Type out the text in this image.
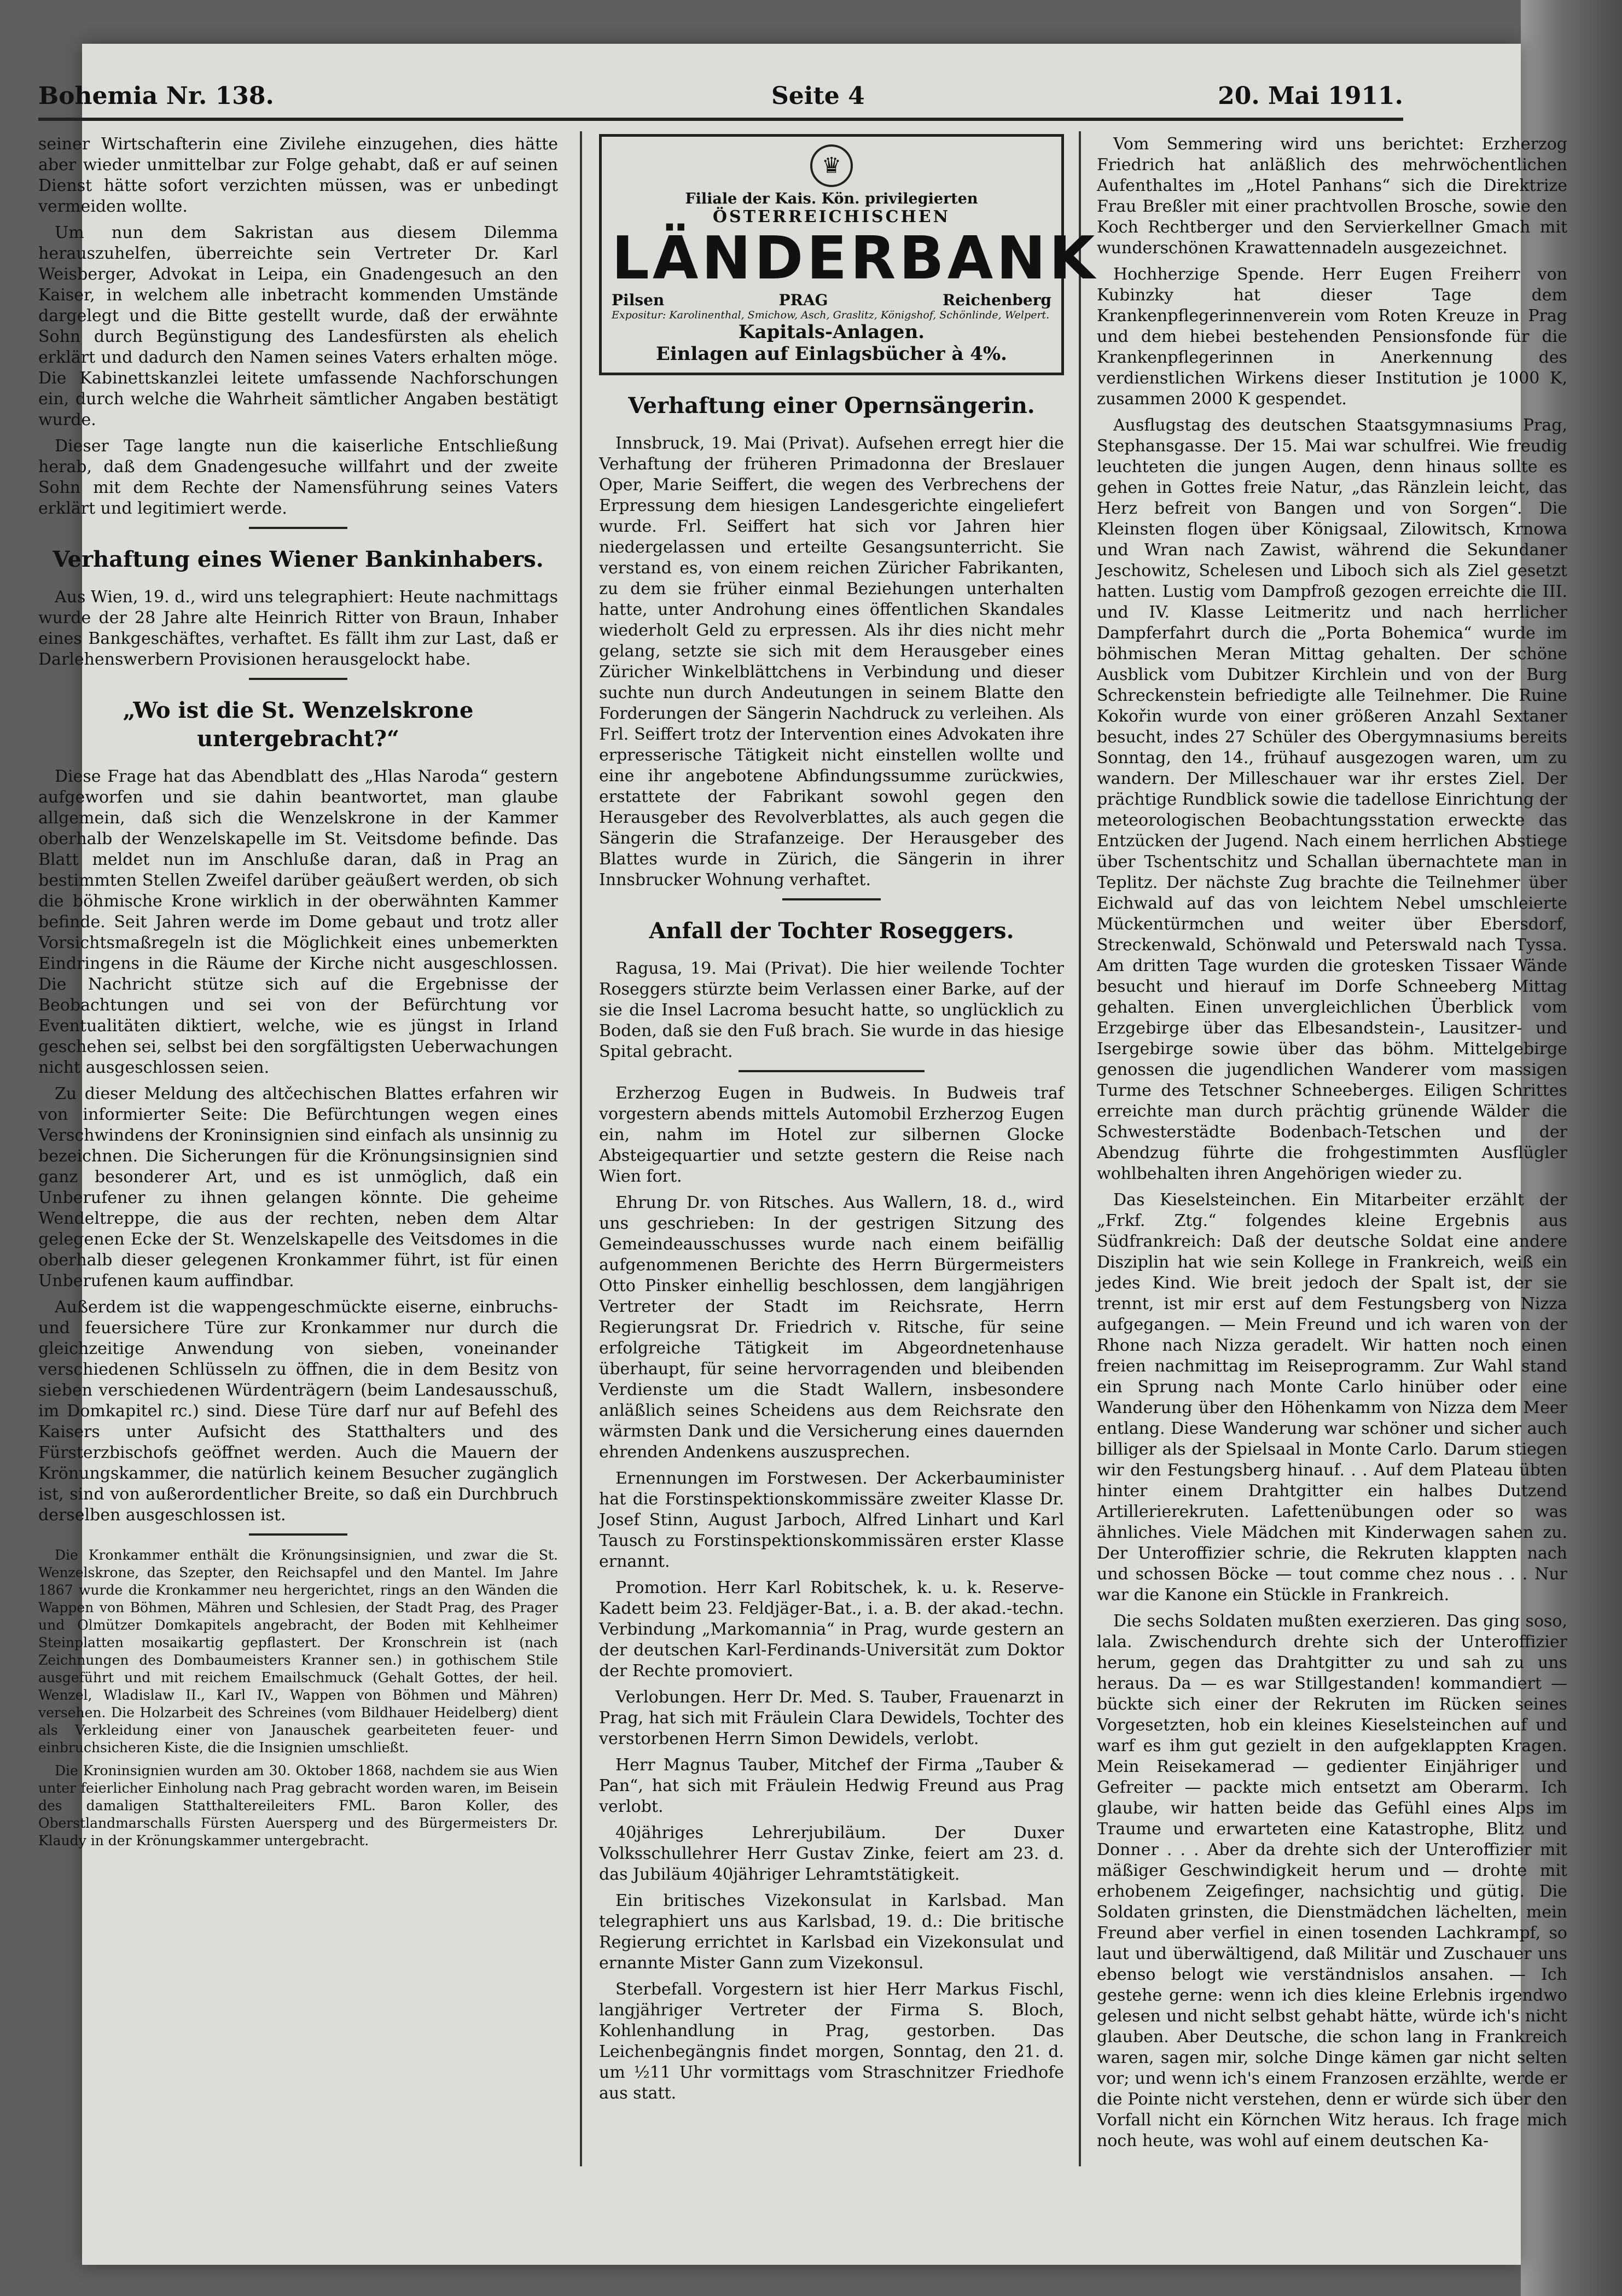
Bohemia Nr. 138.	Seite 4	20. Mai 1911.

seiner Wirtschafterin eine Zivilehe einzugehen, dies hätte aber wieder unmittelbar zur Folge gehabt, daß er auf seinen Dienst hätte sofort verzichten müssen, was er unbedingt vermeiden wollte.

Um nun dem Sakristan aus diesem Dilemma herauszuhelfen, überreichte sein Vertreter Dr. Karl Weisberger, Advokat in Leipa, ein Gnadengesuch an den Kaiser, in welchem alle inbetracht kommenden Umstände dargelegt und die Bitte gestellt wurde, daß der erwähnte Sohn durch Begünstigung des Landesfürsten als ehelich erklärt und dadurch den Namen seines Vaters erhalten möge. Die Kabinettskanzlei leitete umfassende Nachforschungen ein, durch welche die Wahrheit sämtlicher Angaben bestätigt wurde.

Dieser Tage langte nun die kaiserliche Entschließung herab, daß dem Gnadengesuche willfahrt und der zweite Sohn mit dem Rechte der Namensführung seines Vaters erklärt und legitimiert werde.

Verhaftung eines Wiener Bankinhabers.

Aus Wien, 19. d., wird uns telegraphiert: Heute nachmittags wurde der 28 Jahre alte Heinrich Ritter von Braun, Inhaber eines Bankgeschäftes, verhaftet. Es fällt ihm zur Last, daß er Darlehenswerbern Provisionen herausgelockt habe.

„Wo ist die St. Wenzelskrone untergebracht?“

Diese Frage hat das Abendblatt des „Hlas Naroda“ gestern aufgeworfen und sie dahin beantwortet, man glaube allgemein, daß sich die Wenzelskrone in der Kammer oberhalb der Wenzelskapelle im St. Veitsdome befinde. Das Blatt meldet nun im Anschluße daran, daß in Prag an bestimmten Stellen Zweifel darüber geäußert werden, ob sich die böhmische Krone wirklich in der oberwähnten Kammer befinde. Seit Jahren werde im Dome gebaut und trotz aller Vorsichtsmaßregeln ist die Möglichkeit eines unbemerkten Eindringens in die Räume der Kirche nicht ausgeschlossen. Die Nachricht stütze sich auf die Ergebnisse der Beobachtungen und sei von der Befürchtung vor Eventualitäten diktiert, welche, wie es jüngst in Irland geschehen sei, selbst bei den sorgfältigsten Ueberwachungen nicht ausgeschlossen seien.

Zu dieser Meldung des altčechischen Blattes erfahren wir von informierter Seite: Die Befürchtungen wegen eines Verschwindens der Kroninsignien sind einfach als unsinnig zu bezeichnen. Die Sicherungen für die Krönungsinsignien sind ganz besonderer Art, und es ist unmöglich, daß ein Unberufener zu ihnen gelangen könnte. Die geheime Wendeltreppe, die aus der rechten, neben dem Altar gelegenen Ecke der St. Wenzelskapelle des Veitsdomes in die oberhalb dieser gelegenen Kronkammer führt, ist für einen Unberufenen kaum auffindbar.

Außerdem ist die wappengeschmückte eiserne, einbruchs- und feuersichere Türe zur Kronkammer nur durch die gleichzeitige Anwendung von sieben, voneinander verschiedenen Schlüsseln zu öffnen, die in dem Besitz von sieben verschiedenen Würdenträgern (beim Landesausschuß, im Domkapitel rc.) sind. Diese Türe darf nur auf Befehl des Kaisers unter Aufsicht des Statthalters und des Fürsterzbischofs geöffnet werden. Auch die Mauern der Krönungskammer, die natürlich keinem Besucher zugänglich ist, sind von außerordentlicher Breite, so daß ein Durchbruch derselben ausgeschlossen ist.

Die Kronkammer enthält die Krönungsinsignien, und zwar die St. Wenzelskrone, das Szepter, den Reichsapfel und den Mantel. Im Jahre 1867 wurde die Kronkammer neu hergerichtet, rings an den Wänden die Wappen von Böhmen, Mähren und Schlesien, der Stadt Prag, des Prager und Olmützer Domkapitels angebracht, der Boden mit Kehlheimer Steinplatten mosaikartig gepflastert. Der Kronschrein ist (nach Zeichnungen des Dombaumeisters Kranner sen.) in gothischem Stile ausgeführt und mit reichem Emailschmuck (Gehalt Gottes, der heil. Wenzel, Wladislaw II., Karl IV., Wappen von Böhmen und Mähren) versehen. Die Holzarbeit des Schreines (vom Bildhauer Heidelberg) dient als Verkleidung einer von Janauschek gearbeiteten feuer- und einbruchsicheren Kiste, die die Insignien umschließt.

Die Kroninsignien wurden am 30. Oktober 1868, nachdem sie aus Wien unter feierlicher Einholung nach Prag gebracht worden waren, im Beisein des damaligen Statthaltereileiters FML. Baron Koller, des Oberstlandmarschalls Fürsten Auersperg und des Bürgermeisters Dr. Klaudy in der Krönungskammer untergebracht.

♛
Filiale der Kais. Kön. privilegierten
ÖSTERREICHISCHEN
LÄNDERBANK
Pilsen	PRAG	Reichenberg
Expositur: Karolinenthal, Smichow, Asch, Graslitz, Königshof, Schönlinde, Welpert.
Kapitals-Anlagen.
Einlagen auf Einlagsbücher à 4%.
Verhaftung einer Opernsängerin.

Innsbruck, 19. Mai (Privat). Aufsehen erregt hier die Verhaftung der früheren Primadonna der Breslauer Oper, Marie Seiffert, die wegen des Verbrechens der Erpressung dem hiesigen Landesgerichte eingeliefert wurde. Frl. Seiffert hat sich vor Jahren hier niedergelassen und erteilte Gesangsunterricht. Sie verstand es, von einem reichen Züricher Fabrikanten, zu dem sie früher einmal Beziehungen unterhalten hatte, unter Androhung eines öffentlichen Skandales wiederholt Geld zu erpressen. Als ihr dies nicht mehr gelang, setzte sie sich mit dem Herausgeber eines Züricher Winkelblättchens in Verbindung und dieser suchte nun durch Andeutungen in seinem Blatte den Forderungen der Sängerin Nachdruck zu verleihen. Als Frl. Seiffert trotz der Intervention eines Advokaten ihre erpresserische Tätigkeit nicht einstellen wollte und eine ihr angebotene Abfindungssumme zurückwies, erstattete der Fabrikant sowohl gegen den Herausgeber des Revolverblattes, als auch gegen die Sängerin die Strafanzeige. Der Herausgeber des Blattes wurde in Zürich, die Sängerin in ihrer Innsbrucker Wohnung verhaftet.

Anfall der Tochter Roseggers.

Ragusa, 19. Mai (Privat). Die hier weilende Tochter Roseggers stürzte beim Verlassen einer Barke, auf der sie die Insel Lacroma besucht hatte, so unglücklich zu Boden, daß sie den Fuß brach. Sie wurde in das hiesige Spital gebracht.

Erzherzog Eugen in Budweis. In Budweis traf vorgestern abends mittels Automobil Erzherzog Eugen ein, nahm im Hotel zur silbernen Glocke Absteigequartier und setzte gestern die Reise nach Wien fort.

Ehrung Dr. von Ritsches. Aus Wallern, 18. d., wird uns geschrieben: In der gestrigen Sitzung des Gemeindeausschusses wurde nach einem beifällig aufgenommenen Berichte des Herrn Bürgermeisters Otto Pinsker einhellig beschlossen, dem langjährigen Vertreter der Stadt im Reichsrate, Herrn Regierungsrat Dr. Friedrich v. Ritsche, für seine erfolgreiche Tätigkeit im Abgeordnetenhause überhaupt, für seine hervorragenden und bleibenden Verdienste um die Stadt Wallern, insbesondere anläßlich seines Scheidens aus dem Reichsrate den wärmsten Dank und die Versicherung eines dauernden ehrenden Andenkens auszusprechen.

Ernennungen im Forstwesen. Der Ackerbauminister hat die Forstinspektionskommissäre zweiter Klasse Dr. Josef Stinn, August Jarboch, Alfred Linhart und Karl Tausch zu Forstinspektionskommissären erster Klasse ernannt.

Promotion. Herr Karl Robitschek, k. u. k. Reserve-Kadett beim 23. Feldjäger-Bat., i. a. B. der akad.-techn. Verbindung „Markomannia“ in Prag, wurde gestern an der deutschen Karl-Ferdinands-Universität zum Doktor der Rechte promoviert.

Verlobungen. Herr Dr. Med. S. Tauber, Frauenarzt in Prag, hat sich mit Fräulein Clara Dewidels, Tochter des verstorbenen Herrn Simon Dewidels, verlobt.

Herr Magnus Tauber, Mitchef der Firma „Tauber & Pan“, hat sich mit Fräulein Hedwig Freund aus Prag verlobt.

40jähriges Lehrerjubiläum. Der Duxer Volksschullehrer Herr Gustav Zinke, feiert am 23. d. das Jubiläum 40jähriger Lehramtstätigkeit.

Ein britisches Vizekonsulat in Karlsbad. Man telegraphiert uns aus Karlsbad, 19. d.: Die britische Regierung errichtet in Karlsbad ein Vizekonsulat und ernannte Mister Gann zum Vizekonsul.

Sterbefall. Vorgestern ist hier Herr Markus Fischl, langjähriger Vertreter der Firma S. Bloch, Kohlenhandlung in Prag, gestorben. Das Leichenbegängnis findet morgen, Sonntag, den 21. d. um ½11 Uhr vormittags vom Straschnitzer Friedhofe aus statt.

Vom Semmering wird uns berichtet: Erzherzog Friedrich hat anläßlich des mehrwöchentlichen Aufenthaltes im „Hotel Panhans“ sich die Direktrize Frau Breßler mit einer prachtvollen Brosche, sowie den Koch Rechtberger und den Servierkellner Gmach mit wunderschönen Krawattennadeln ausgezeichnet.

Hochherzige Spende. Herr Eugen Freiherr von Kubinzky hat dieser Tage dem Krankenpflegerinnenverein vom Roten Kreuze in Prag und dem hiebei bestehenden Pensionsfonde für die Krankenpflegerinnen in Anerkennung des verdienstlichen Wirkens dieser Institution je 1000 K, zusammen 2000 K gespendet.

Ausflugstag des deutschen Staatsgymnasiums Prag, Stephansgasse. Der 15. Mai war schulfrei. Wie freudig leuchteten die jungen Augen, denn hinaus sollte es gehen in Gottes freie Natur, „das Ränzlein leicht, das Herz befreit von Bangen und von Sorgen“. Die Kleinsten flogen über Königsaal, Zilowitsch, Krnowa und Wran nach Zawist, während die Sekundaner Jeschowitz, Schelesen und Liboch sich als Ziel gesetzt hatten. Lustig vom Dampfroß gezogen erreichte die III. und IV. Klasse Leitmeritz und nach herrlicher Dampferfahrt durch die „Porta Bohemica“ wurde im böhmischen Meran Mittag gehalten. Der schöne Ausblick vom Dubitzer Kirchlein und von der Burg Schreckenstein befriedigte alle Teilnehmer. Die Ruine Kokořin wurde von einer größeren Anzahl Sextaner besucht, indes 27 Schüler des Obergymnasiums bereits Sonntag, den 14., frühauf ausgezogen waren, um zu wandern. Der Milleschauer war ihr erstes Ziel. Der prächtige Rundblick sowie die tadellose Einrichtung der meteorologischen Beobachtungsstation erweckte das Entzücken der Jugend. Nach einem herrlichen Abstiege über Tschentschitz und Schallan übernachtete man in Teplitz. Der nächste Zug brachte die Teilnehmer über Eichwald auf das von leichtem Nebel umschleierte Mückentürmchen und weiter über Ebersdorf, Streckenwald, Schönwald und Peterswald nach Tyssa. Am dritten Tage wurden die grotesken Tissaer Wände besucht und hierauf im Dorfe Schneeberg Mittag gehalten. Einen unvergleichlichen Überblick vom Erzgebirge über das Elbesandstein-, Lausitzer- und Isergebirge sowie über das böhm. Mittelgebirge genossen die jugendlichen Wanderer vom massigen Turme des Tetschner Schneeberges. Eiligen Schrittes erreichte man durch prächtig grünende Wälder die Schwesterstädte Bodenbach-Tetschen und der Abendzug führte die frohgestimmten Ausflügler wohlbehalten ihren Angehörigen wieder zu.

Das Kieselsteinchen. Ein Mitarbeiter erzählt der „Frkf. Ztg.“ folgendes kleine Ergebnis aus Südfrankreich: Daß der deutsche Soldat eine andere Disziplin hat wie sein Kollege in Frankreich, weiß ein jedes Kind. Wie breit jedoch der Spalt ist, der sie trennt, ist mir erst auf dem Festungsberg von Nizza aufgegangen. — Mein Freund und ich waren von der Rhone nach Nizza geradelt. Wir hatten noch einen freien nachmittag im Reiseprogramm. Zur Wahl stand ein Sprung nach Monte Carlo hinüber oder eine Wanderung über den Höhenkamm von Nizza dem Meer entlang. Diese Wanderung war schöner und sicher auch billiger als der Spielsaal in Monte Carlo. Darum stiegen wir den Festungsberg hinauf. . . Auf dem Plateau übten hinter einem Drahtgitter ein halbes Dutzend Artillerierekruten. Lafettenübungen oder so was ähnliches. Viele Mädchen mit Kinderwagen sahen zu. Der Unteroffizier schrie, die Rekruten klappten nach und schossen Böcke — tout comme chez nous . . . Nur war die Kanone ein Stückle in Frankreich.

Die sechs Soldaten mußten exerzieren. Das ging soso, lala. Zwischendurch drehte sich der Unteroffizier herum, gegen das Drahtgitter zu und sah zu uns heraus. Da — es war Stillgestanden! kommandiert — bückte sich einer der Rekruten im Rücken seines Vorgesetzten, hob ein kleines Kieselsteinchen auf und warf es ihm gut gezielt in den aufgeklappten Kragen. Mein Reisekamerad — gedienter Einjähriger und Gefreiter — packte mich entsetzt am Oberarm. Ich glaube, wir hatten beide das Gefühl eines Alps im Traume und erwarteten eine Katastrophe, Blitz und Donner . . . Aber da drehte sich der Unteroffizier mit mäßiger Geschwindigkeit herum und — drohte mit erhobenem Zeigefinger, nachsichtig und gütig. Die Soldaten grinsten, die Dienstmädchen lächelten, mein Freund aber verfiel in einen tosenden Lachkrampf, so laut und überwältigend, daß Militär und Zuschauer uns ebenso belogt wie verständnislos ansahen. — Ich gestehe gerne: wenn ich dies kleine Erlebnis irgendwo gelesen und nicht selbst gehabt hätte, würde ich's nicht glauben. Aber Deutsche, die schon lang in Frankreich waren, sagen mir, solche Dinge kämen gar nicht selten vor; und wenn ich's einem Franzosen erzählte, werde er die Pointe nicht verstehen, denn er würde sich über den Vorfall nicht ein Körnchen Witz heraus. Ich frage mich noch heute, was wohl auf einem deutschen Ka-
